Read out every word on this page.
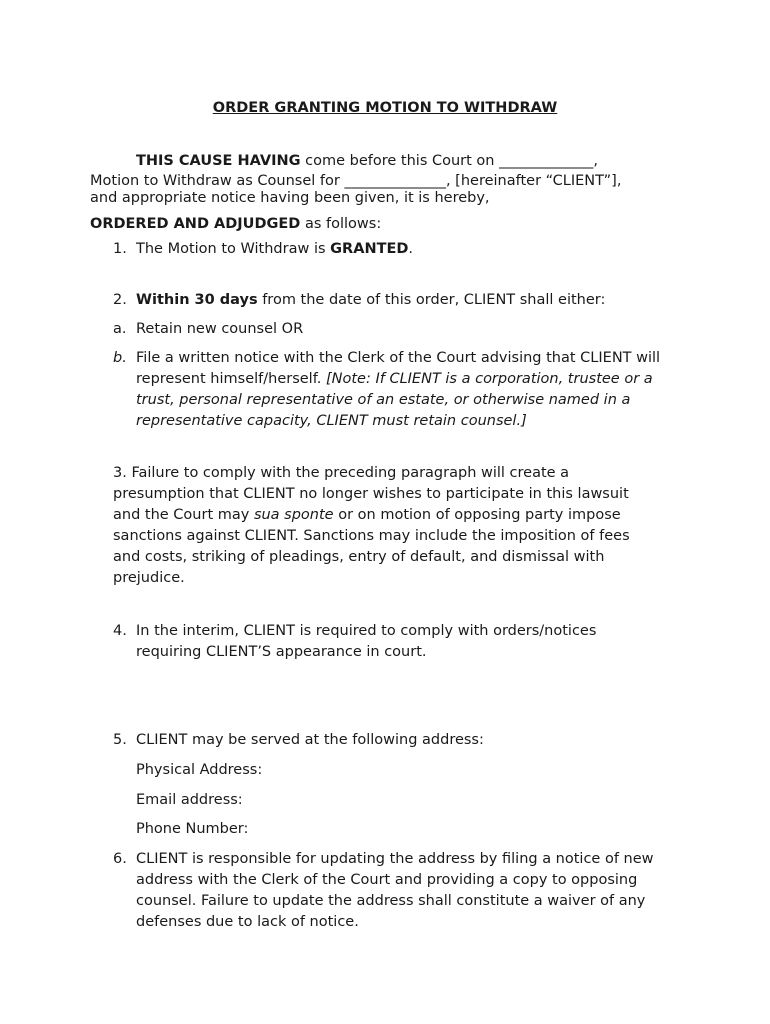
ORDER GRANTING MOTION TO WITHDRAW
THIS CAUSE HAVING come before this Court on _____________,
Motion to Withdraw as Counsel for ______________, [hereinafter “CLIENT”],
and appropriate notice having been given, it is hereby,
ORDERED AND ADJUDGED as follows:
1. The Motion to Withdraw is GRANTED.
2. Within 30 days from the date of this order, CLIENT shall either:
a. Retain new counsel OR
b. File a written notice with the Clerk of the Court advising that CLIENT will represent himself/herself. [Note: If CLIENT is a corporation, trustee or a trust, personal representative of an estate, or otherwise named in a representative capacity, CLIENT must retain counsel.]
3. Failure to comply with the preceding paragraph will create a presumption that CLIENT no longer wishes to participate in this lawsuit and the Court may sua sponte or on motion of opposing party impose sanctions against CLIENT. Sanctions may include the imposition of fees and costs, striking of pleadings, entry of default, and dismissal with prejudice.
4. In the interim, CLIENT is required to comply with orders/notices requiring CLIENT’S appearance in court.
5. CLIENT may be served at the following address:
Physical Address:
Email address:
Phone Number:
6. CLIENT is responsible for updating the address by filing a notice of new address with the Clerk of the Court and providing a copy to opposing counsel. Failure to update the address shall constitute a waiver of any defenses due to lack of notice.
